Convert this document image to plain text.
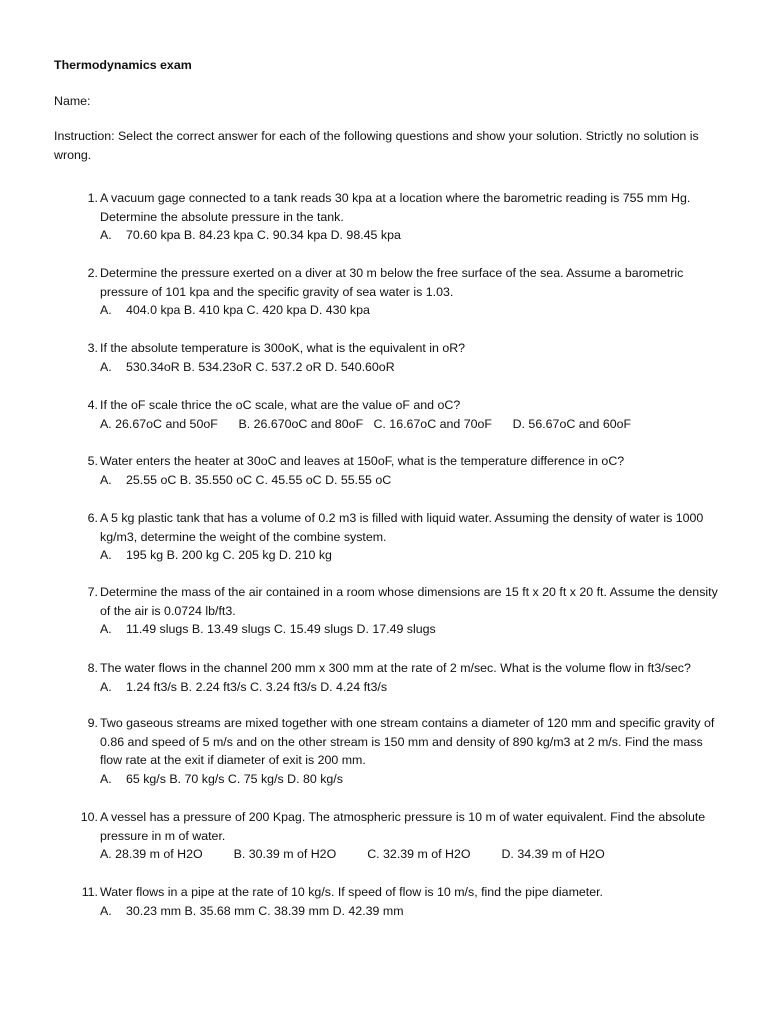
Thermodynamics exam
Name:
Instruction: Select the correct answer for each of the following questions and show your solution. Strictly no solution is wrong.
1. A vacuum gage connected to a tank reads 30 kpa at a location where the barometric reading is 755 mm Hg. Determine the absolute pressure in the tank.
A. 70.60 kpa B. 84.23 kpa C. 90.34 kpa D. 98.45 kpa
2. Determine the pressure exerted on a diver at 30 m below the free surface of the sea. Assume a barometric pressure of 101 kpa and the specific gravity of sea water is 1.03.
A. 404.0 kpa B. 410 kpa C. 420 kpa D. 430 kpa
3. If the absolute temperature is 300oK, what is the equivalent in oR?
A. 530.34oR B. 534.23oR C. 537.2 oR D. 540.60oR
4. If the oF scale thrice the oC scale, what are the value oF and oC?
A. 26.67oC and 50oF      B. 26.670oC and 80oF   C. 16.67oC and 70oF      D. 56.67oC and 60oF
5. Water enters the heater at 30oC and leaves at 150oF, what is the temperature difference in oC?
A. 25.55 oC B. 35.550 oC C. 45.55 oC D. 55.55 oC
6. A 5 kg plastic tank that has a volume of 0.2 m3 is filled with liquid water. Assuming the density of water is 1000 kg/m3, determine the weight of the combine system.
A. 195 kg B. 200 kg C. 205 kg D. 210 kg
7. Determine the mass of the air contained in a room whose dimensions are 15 ft x 20 ft x 20 ft. Assume the density of the air is 0.0724 lb/ft3.
A. 11.49 slugs B. 13.49 slugs C. 15.49 slugs D. 17.49 slugs
8. The water flows in the channel 200 mm x 300 mm at the rate of 2 m/sec. What is the volume flow in ft3/sec?
A. 1.24 ft3/s B. 2.24 ft3/s C. 3.24 ft3/s D. 4.24 ft3/s
9. Two gaseous streams are mixed together with one stream contains a diameter of 120 mm and specific gravity of 0.86 and speed of 5 m/s and on the other stream is 150 mm and density of 890 kg/m3 at 2 m/s. Find the mass flow rate at the exit if diameter of exit is 200 mm.
A. 65 kg/s B. 70 kg/s C. 75 kg/s D. 80 kg/s
10. A vessel has a pressure of 200 Kpag. The atmospheric pressure is 10 m of water equivalent. Find the absolute pressure in m of water.
A. 28.39 m of H2O         B. 30.39 m of H2O         C. 32.39 m of H2O         D. 34.39 m of H2O
11. Water flows in a pipe at the rate of 10 kg/s. If speed of flow is 10 m/s, find the pipe diameter.
A. 30.23 mm B. 35.68 mm C. 38.39 mm D. 42.39 mm
